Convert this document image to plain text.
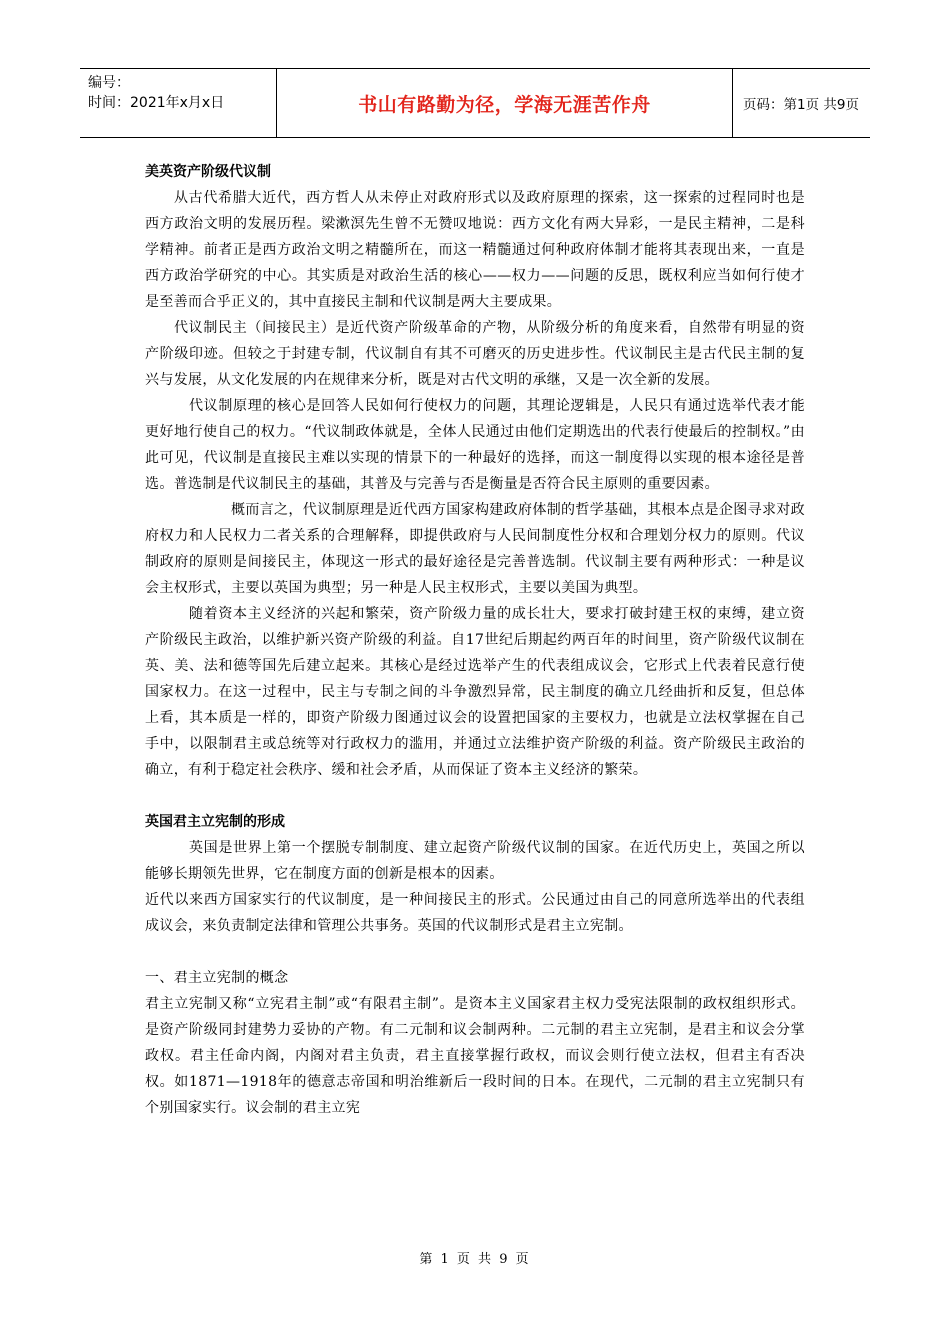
编号：
时间：2021年x月x日	书山有路勤为径，学海无涯苦作舟	页码：第1页 共9页

美英资产阶级代议制

从古代希腊大近代，西方哲人从未停止对政府形式以及政府原理的探索，这一探索的过程同时也是西方政治文明的发展历程。梁漱溟先生曾不无赞叹地说：西方文化有两大异彩，一是民主精神，二是科学精神。前者正是西方政治文明之精髓所在，而这一精髓通过何种政府体制才能将其表现出来，一直是西方政治学研究的中心。其实质是对政治生活的核心——权力——问题的反思，既权利应当如何行使才是至善而合乎正义的，其中直接民主制和代议制是两大主要成果。

代议制民主（间接民主）是近代资产阶级革命的产物，从阶级分析的角度来看，自然带有明显的资产阶级印迹。但较之于封建专制，代议制自有其不可磨灭的历史进步性。代议制民主是古代民主制的复兴与发展，从文化发展的内在规律来分析，既是对古代文明的承继，又是一次全新的发展。

代议制原理的核心是回答人民如何行使权力的问题，其理论逻辑是，人民只有通过选举代表才能更好地行使自己的权力。“代议制政体就是，全体人民通过由他们定期选出的代表行使最后的控制权。”由此可见，代议制是直接民主难以实现的情景下的一种最好的选择，而这一制度得以实现的根本途径是普选。普选制是代议制民主的基础，其普及与完善与否是衡量是否符合民主原则的重要因素。

概而言之，代议制原理是近代西方国家构建政府体制的哲学基础，其根本点是企图寻求对政府权力和人民权力二者关系的合理解释，即提供政府与人民间制度性分权和合理划分权力的原则。代议制政府的原则是间接民主，体现这一形式的最好途径是完善普选制。代议制主要有两种形式：一种是议会主权形式，主要以英国为典型；另一种是人民主权形式，主要以美国为典型。

随着资本主义经济的兴起和繁荣，资产阶级力量的成长壮大，要求打破封建王权的束缚，建立资产阶级民主政治，以维护新兴资产阶级的利益。自17世纪后期起约两百年的时间里，资产阶级代议制在英、美、法和德等国先后建立起来。其核心是经过选举产生的代表组成议会，它形式上代表着民意行使国家权力。在这一过程中，民主与专制之间的斗争激烈异常，民主制度的确立几经曲折和反复，但总体上看，其本质是一样的，即资产阶级力图通过议会的设置把国家的主要权力，也就是立法权掌握在自己手中，以限制君主或总统等对行政权力的滥用，并通过立法维护资产阶级的利益。资产阶级民主政治的确立，有利于稳定社会秩序、缓和社会矛盾，从而保证了资本主义经济的繁荣。

英国君主立宪制的形成

英国是世界上第一个摆脱专制制度、建立起资产阶级代议制的国家。在近代历史上，英国之所以能够长期领先世界，它在制度方面的创新是根本的因素。

近代以来西方国家实行的代议制度，是一种间接民主的形式。公民通过由自己的同意所选举出的代表组成议会，来负责制定法律和管理公共事务。英国的代议制形式是君主立宪制。

一、君主立宪制的概念

君主立宪制又称“立宪君主制”或“有限君主制”。是资本主义国家君主权力受宪法限制的政权组织形式。是资产阶级同封建势力妥协的产物。有二元制和议会制两种。二元制的君主立宪制，是君主和议会分掌政权。君主任命内阁，内阁对君主负责，君主直接掌握行政权，而议会则行使立法权，但君主有否决权。如1871—1918年的德意志帝国和明治维新后一段时间的日本。在现代，二元制的君主立宪制只有个别国家实行。议会制的君主立宪

第 1 页 共 9 页
